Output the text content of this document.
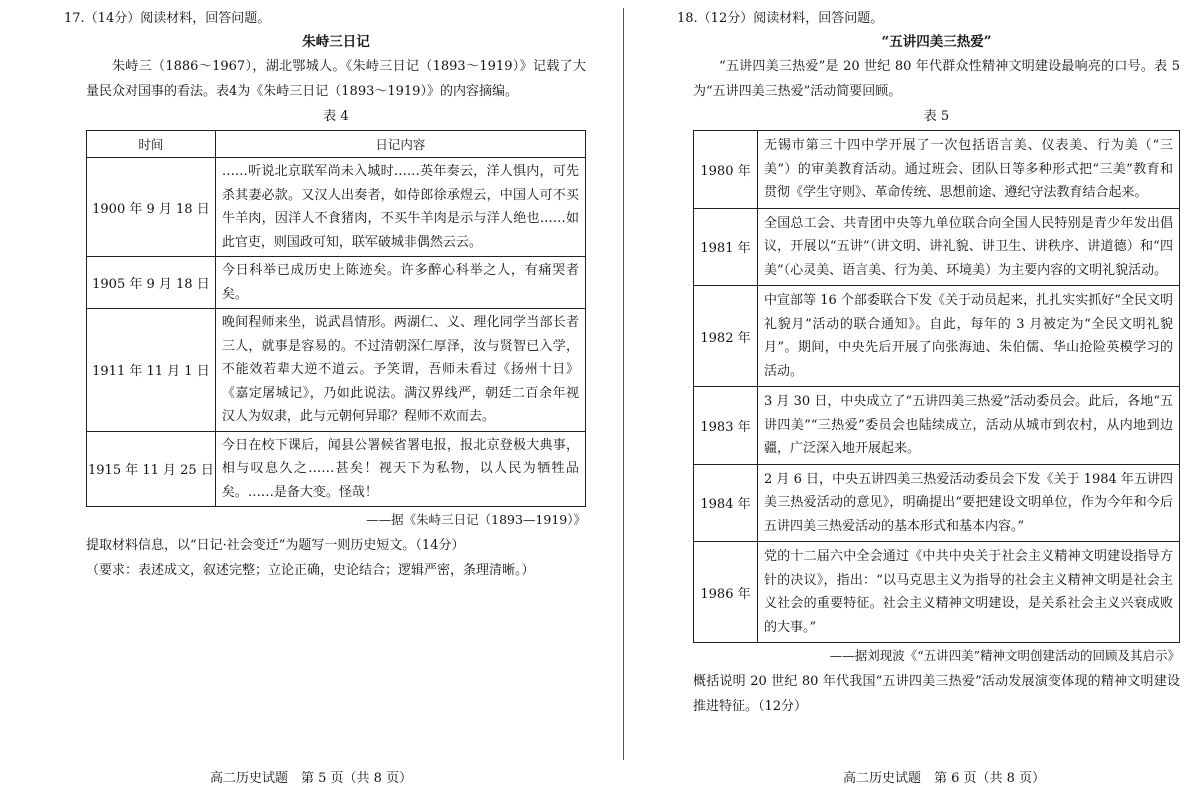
17.（14分）阅读材料，回答问题。

朱峙三日记

朱峙三（1886～1967），湖北鄂城人。《朱峙三日记（1893～1919）》记载了大量民众对国事的看法。表4为《朱峙三日记（1893～1919）》的内容摘编。

表 4

时间	日记内容
1900 年 9 月 18 日	……听说北京联军尚未入城时……英年奏云，洋人惧内，可先杀其妻必款。又汉人出奏者，如侍郎徐承煜云，中国人可不买牛羊肉，因洋人不食猪肉，不买牛羊肉是示与洋人绝也……如此官吏，则国政可知，联军破城非偶然云云。
1905 年 9 月 18 日	今日科举已成历史上陈迹矣。许多醉心科举之人，有痛哭者矣。
1911 年 11 月 1 日	晚间程师来坐，说武昌情形。两湖仁、义、理化同学当部长者三人，就事是容易的。不过清朝深仁厚泽，汝与贤智已入学，不能效若辈大逆不道云。予笑谓，吾师未看过《扬州十日》《嘉定屠城记》，乃如此说法。满汉界线严，朝廷二百余年视汉人为奴隶，此与元朝何异耶？程师不欢而去。
1915 年 11 月 25 日	今日在校下课后，闻县公署候省署电报，报北京登极大典事，相与叹息久之……甚矣！视天下为私物，以人民为牺牲品矣。……是备大变。怪哉！

——据《朱峙三日记（1893—1919）》

提取材料信息，以“日记·社会变迁”为题写一则历史短文。（14分）

（要求：表述成文，叙述完整；立论正确，史论结合；逻辑严密，条理清晰。）

高二历史试题　第 5 页（共 8 页）

18.（12分）阅读材料，回答问题。

“五讲四美三热爱”

“五讲四美三热爱”是 20 世纪 80 年代群众性精神文明建设最响亮的口号。表 5 为“五讲四美三热爱”活动简要回顾。

表 5

1980 年	无锡市第三十四中学开展了一次包括语言美、仪表美、行为美（“三美”）的审美教育活动。通过班会、团队日等多种形式把“三美”教育和贯彻《学生守则》、革命传统、思想前途、遵纪守法教育结合起来。
1981 年	全国总工会、共青团中央等九单位联合向全国人民特别是青少年发出倡议，开展以“五讲”（讲文明、讲礼貌、讲卫生、讲秩序、讲道德）和“四美”（心灵美、语言美、行为美、环境美）为主要内容的文明礼貌活动。
1982 年	中宣部等 16 个部委联合下发《关于动员起来，扎扎实实抓好“全民文明礼貌月”活动的联合通知》。自此，每年的 3 月被定为“全民文明礼貌月”。期间，中央先后开展了向张海迪、朱伯儒、华山抢险英模学习的活动。
1983 年	3 月 30 日，中央成立了“五讲四美三热爱”活动委员会。此后，各地“五讲四美”“三热爱”委员会也陆续成立，活动从城市到农村，从内地到边疆，广泛深入地开展起来。
1984 年	2 月 6 日，中央五讲四美三热爱活动委员会下发《关于 1984 年五讲四美三热爱活动的意见》，明确提出“要把建设文明单位，作为今年和今后五讲四美三热爱活动的基本形式和基本内容。”
1986 年	党的十二届六中全会通过《中共中央关于社会主义精神文明建设指导方针的决议》，指出：“以马克思主义为指导的社会主义精神文明是社会主义社会的重要特征。社会主义精神文明建设，是关系社会主义兴衰成败的大事。”

——据刘现波《“五讲四美”精神文明创建活动的回顾及其启示》

概括说明 20 世纪 80 年代我国“五讲四美三热爱”活动发展演变体现的精神文明建设推进特征。（12分）

高二历史试题　第 6 页（共 8 页）
